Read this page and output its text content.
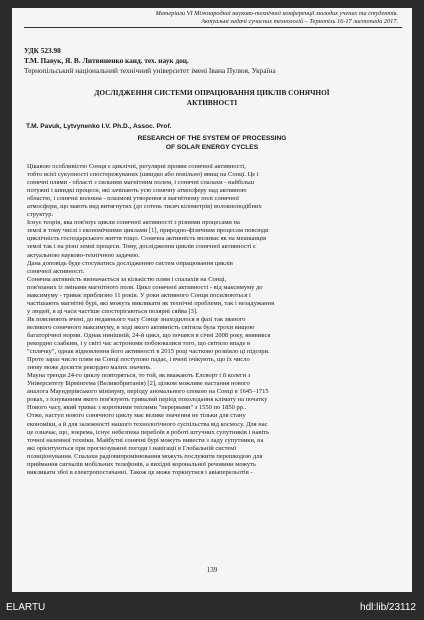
Матеріали VI Міжнародної науково-технічної конференції молодих учених та студентів.
Актуальні задачі сучасних технологій – Тернопіль 16-17 листопада 2017.
УДК 523.98
Т.М. Павук, Я. В. Литвиненко канд. тех. наук доц.
Тернопільський національний технічний університет імені Івана Пулюя, Україна
ДОСЛІДЖЕННЯ СИСТЕМИ ОПРАЦЮВАННЯ ЦИКЛІВ СОНЯЧНОЇ
АКТИВНОСТІ
T.M. Pavuk, Lytvynenko I.V. Ph.D., Assoc. Prof.
RESEARCH OF THE SYSTEM OF PROCESSING
OF SOLAR ENERGY CYCLES
Цікавою особливістю Сонця є циклічні, регулярні прояви сонячної активності,
тобто всієї сукупності спостережуваних (швидко або повільно) явищ на Сонці. Це і
сонячні плями - області з сильним магнітним полем, і сонячні спалахи - найбільш
потужні і швидкі процеси, які зачіпають усю сонячну атмосферу над активною
областю, і сонячні волокна - плазмові утворення в магнітному полі сонячної
атмосфери, що мають вид витягнутих (до сотень тисяч кілометрів) волокноподібних
структур.
Існує теорія, яка пов'язує цикли сонячної активності з різними процесами на
землі в тому числі і економічними циклами [1], природно-фізичним процесам повсюди
циклічність господарського життя тощо. Сонячна активність впливає як на мешканців
землі так і на різні земні процеси. Тому, дослідження циклів сонячної активності є
актуальною науково-технічною задачею.
Дана доповідь буде стосуватись дослідженню систем опрацювання циклів
сонячної активності.
Сонячна активність визначається за кількістю плям і спалахів на Сонці,
пов'язаних із змінами магнітного поля. Цикл сонячної активності - від максимуму до
максимуму - триває приблизно 11 років. У роки активного Сонця посилюються і
частішають магнітні бурі, які можуть викликати як технічні проблеми, так і незадужання
у людей, в ці часи частіше спостерігаються полярні сяйва [3].
Як пояснюють вчені, до недавнього часу Сонце знаходилося в фазі так званого
великого сонячного максимуму, в ході якого активність світила була трохи вищою
багаторічної норми. Однак нинішній, 24-й цикл, що почався в січні 2008 року, виявився
рекордно слабким, і у світі час астрономи побоювалися того, що світило впаде в
"сплячку", однак відновлення його активності в 2015 році частково розвіяло ці підозри.
Проте зараз число плям на Сонці поступово падає, і вчені очікують, що їх число
знову може досягти рекордно малих значень.
Мауна тренди 24-го циклу повторяться, то той, як вважають Елсворт і її колеги з
Університету Бірмінгема (Великобританія) [2], цілком можливе настання нового
аналога Маундерівського мінімуму, періоду аномального спокою на Сонці в 1645–1715
роках, з існуванням якого пов'язують тривалий період похолодання клімату на початку
Нового часу, який триває з короткими теплими "перервами" з 1550 по 1850 рр..
Отже, наступ нового сонячного циклу має велике значення не тільки для стану
економіки, а й для залежності нашого технологічного суспільства від космосу. Для нас
це означає, що, зокрема, існує небезпека перебоїв в роботі штучних супутників і навіть
точної наземної техніки. Майбутні сонячні бурі можуть вивести з ладу супутники, на
які орієнтуються при прогнозуванні погоди і навігації в Глобальній системі
позиціонування. Спалахи радіовипромінювання можуть послужити перешкодою для
приймання сигналів мобільних телефонів, а вихідні корональної речовини можуть
викликати збої в електропостачанні. Також це може торкнутися і авіаперельотів -
139
ELARTU	hdl:lib/23112
